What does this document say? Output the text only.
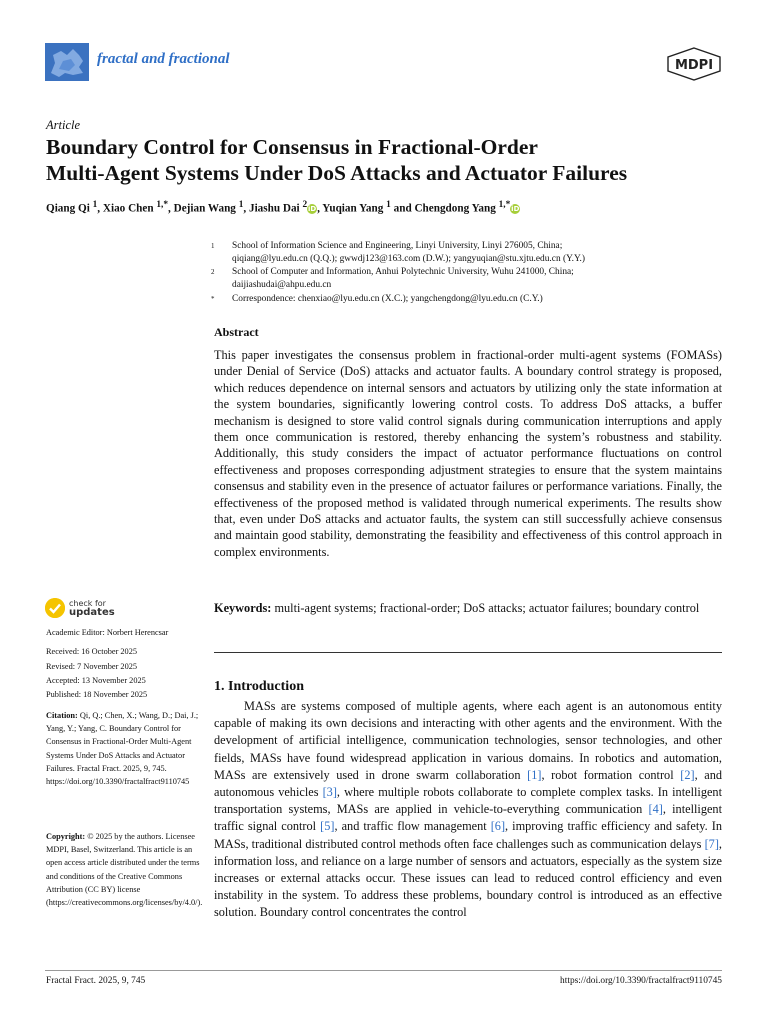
fractal and fractional	MDPI
Article
Boundary Control for Consensus in Fractional-Order
Multi-Agent Systems Under DoS Attacks and Actuator Failures
Qiang Qi $^1$, Xiao Chen $^{1,*}$, Dejian Wang $^1$, Jiashu Dai $^2$iD, Yuqian Yang $^1$ and Chengdong Yang $^{1,*}$iD
1 School of Information Science and Engineering, Linyi University, Linyi 276005, China;
qiqiang@lyu.edu.cn (Q.Q.); gwwdj123@163.com (D.W.); yangyuqian@stu.xjtu.edu.cn (Y.Y.)
2 School of Computer and Information, Anhui Polytechnic University, Wuhu 241000, China;
daijiashudai@ahpu.edu.cn
* Correspondence: chenxiao@lyu.edu.cn (X.C.); yangchengdong@lyu.edu.cn (C.Y.)
Abstract
This paper investigates the consensus problem in fractional-order multi-agent systems (FOMASs) under Denial of Service (DoS) attacks and actuator faults. A boundary control strategy is proposed, which reduces dependence on internal sensors and actuators by utilizing only the state information at the system boundaries, significantly lowering control costs. To address DoS attacks, a buffer mechanism is designed to store valid control signals during communication interruptions and apply them once communication is restored, thereby enhancing the system’s robustness and stability. Additionally, this study considers the impact of actuator performance fluctuations on control effectiveness and proposes corresponding adjustment strategies to ensure that the system maintains consensus and stability even in the presence of actuator failures or performance variations. Finally, the effectiveness of the proposed method is validated through numerical experiments. The results show that, even under DoS attacks and actuator faults, the system can still successfully achieve consensus and maintain good stability, demonstrating the feasibility and effectiveness of this control approach in complex environments.
Keywords: multi-agent systems; fractional-order; DoS attacks; actuator failures; boundary control
1. Introduction
MASs are systems composed of multiple agents, where each agent is an autonomous entity capable of making its own decisions and interacting with other agents and the environment. With the development of artificial intelligence, communication technologies, sensor technologies, and other fields, MASs have found widespread application in various domains. In robotics and automation, MASs are extensively used in drone swarm collaboration [1], robot formation control [2], and autonomous vehicles [3], where multiple robots collaborate to complete complex tasks. In intelligent transportation systems, MASs are applied in vehicle-to-everything communication [4], intelligent traffic signal control [5], and traffic flow management [6], improving traffic efficiency and safety. In MASs, traditional distributed control methods often face challenges such as communication delays [7], information loss, and reliance on a large number of sensors and actuators, especially as the system size increases or external attacks occur. These issues can lead to reduced control efficiency and even instability in the system. To address these problems, boundary control is introduced as an effective solution. Boundary control concentrates the control
check for
updates
Academic Editor: Norbert Herencsar
Received: 16 October 2025
Revised: 7 November 2025
Accepted: 13 November 2025
Published: 18 November 2025
Citation: Qi, Q.; Chen, X.; Wang, D.; Dai, J.; Yang, Y.; Yang, C. Boundary Control for Consensus in Fractional-Order Multi-Agent Systems Under DoS Attacks and Actuator Failures. Fractal Fract. 2025, 9, 745. https://doi.org/10.3390/fractalfract9110745
Copyright: © 2025 by the authors. Licensee MDPI, Basel, Switzerland. This article is an open access article distributed under the terms and conditions of the Creative Commons Attribution (CC BY) license (https://creativecommons.org/licenses/by/4.0/).
Fractal Fract. 2025, 9, 745	https://doi.org/10.3390/fractalfract9110745
